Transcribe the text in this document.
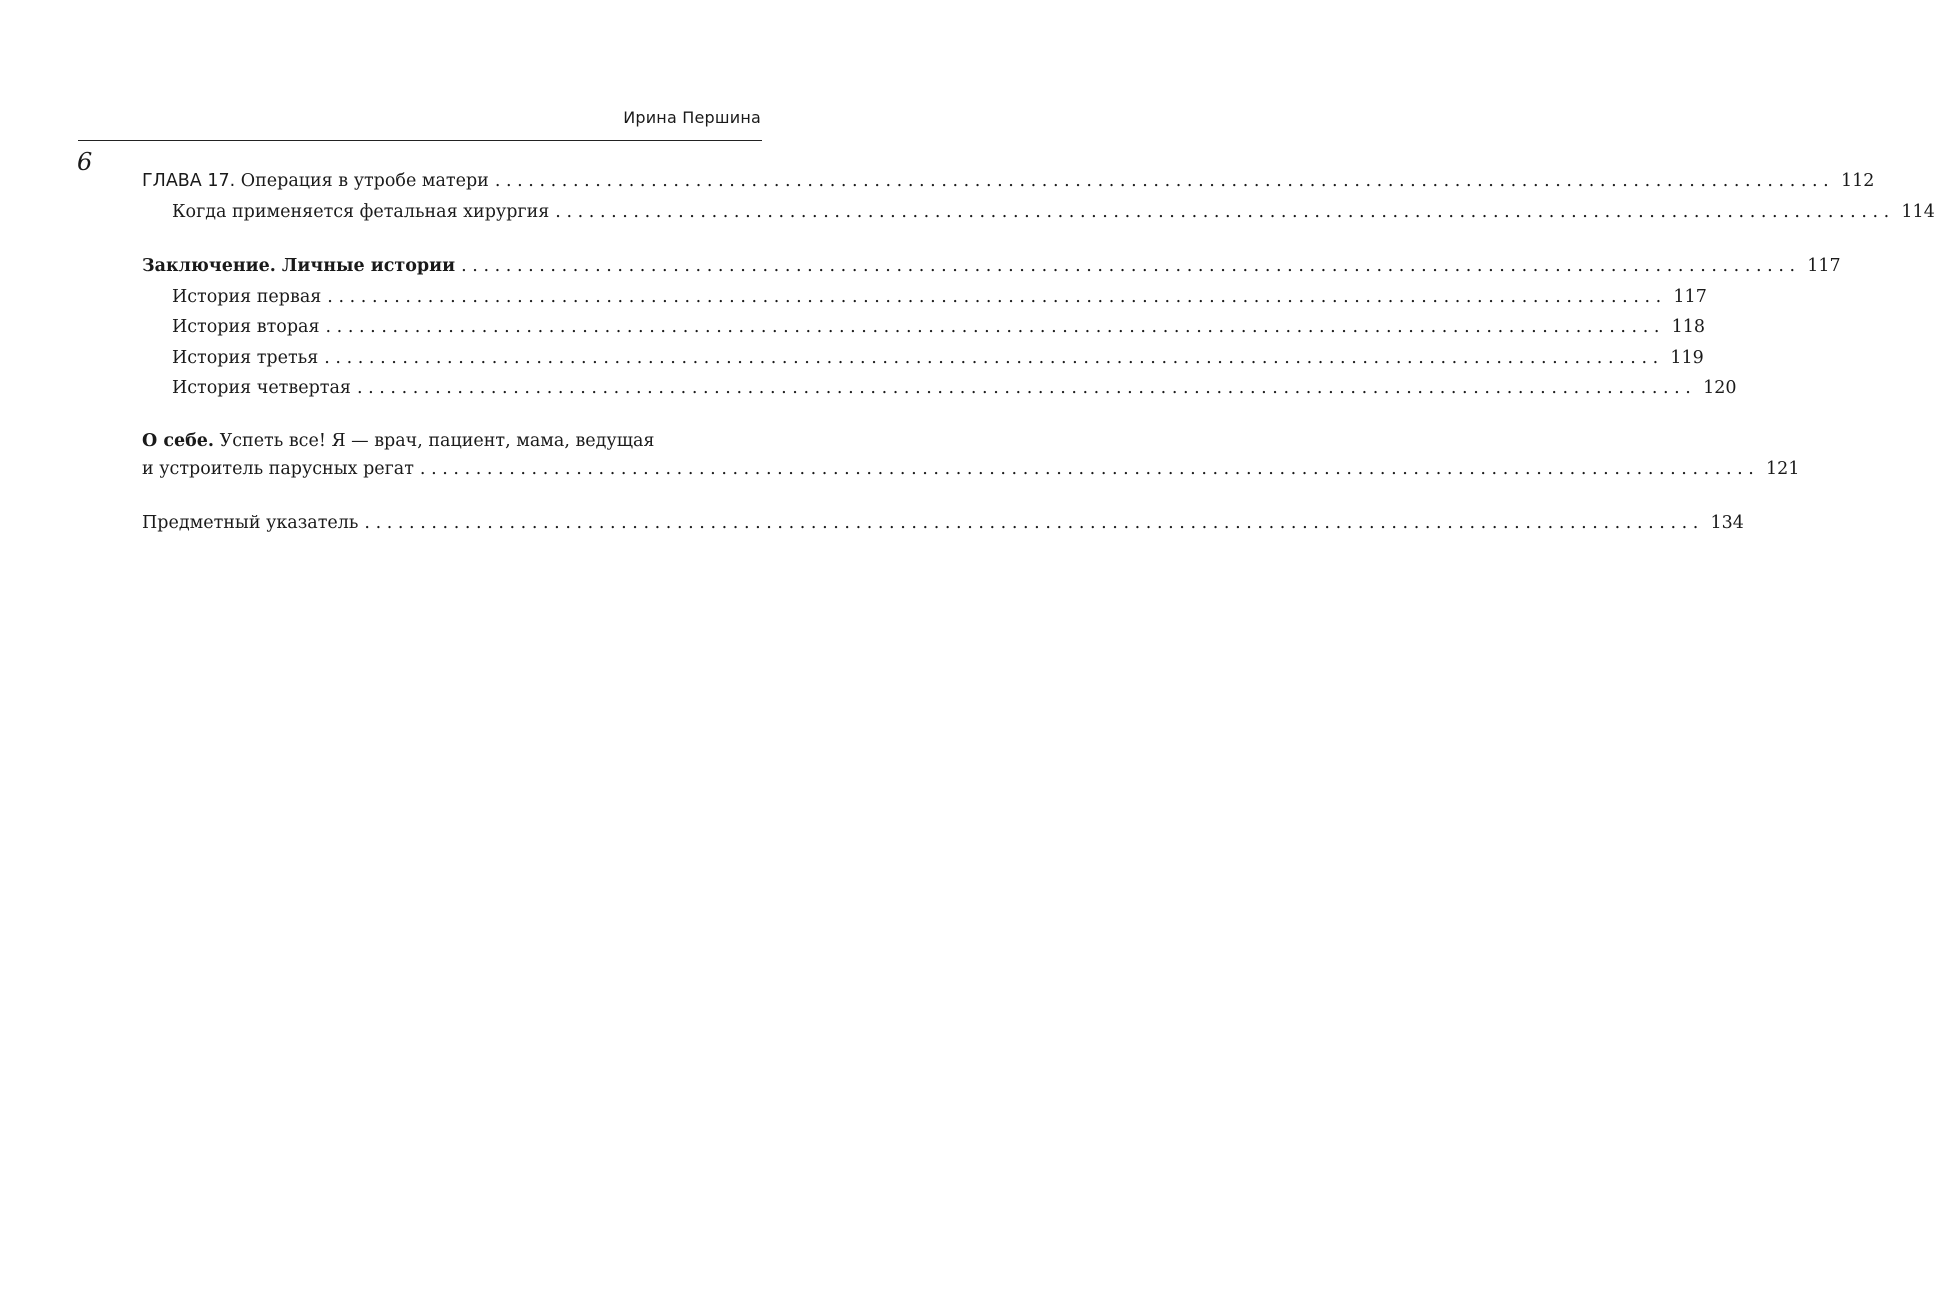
Ирина Першина
6
ГЛАВА 17. Операция в утробе матери ........................................................................................................................ 112
Когда применяется фетальная хирургия ........................................................................................................................ 114
Заключение. Личные истории ........................................................................................................................ 117
История первая ........................................................................................................................ 117
История вторая ........................................................................................................................ 118
История третья ........................................................................................................................ 119
История четвертая ........................................................................................................................ 120
О себе. Успеть все! Я — врач, пациент, мама, ведущая
и устроитель парусных регат ........................................................................................................................ 121
Предметный указатель ........................................................................................................................ 134
